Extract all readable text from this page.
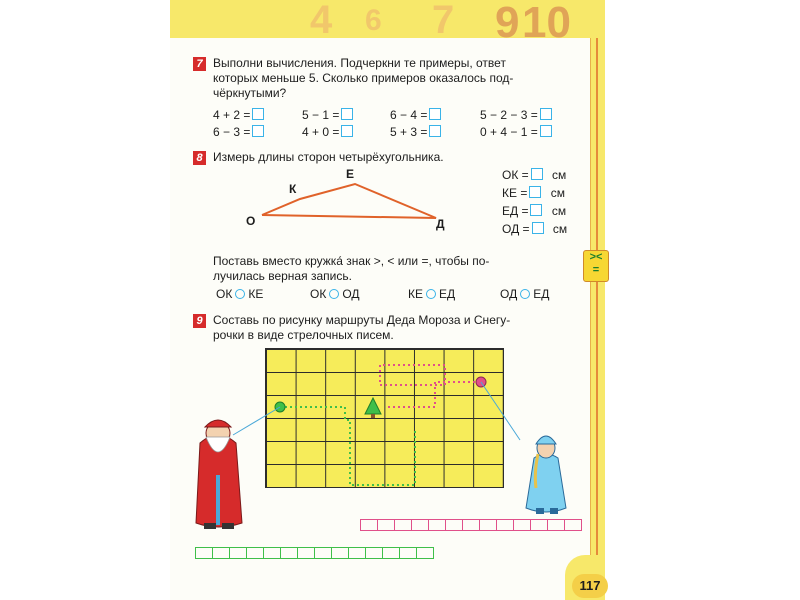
4 6 7 9 10
><
=
7 Выполни вычисления. Подчеркни те примеры, ответ
которых меньше 5. Сколько примеров оказалось под-
чёркнутыми?
4 + 2 =	5 − 1 =	6 − 4 =	5 − 2 − 3 =
6 − 3 =	4 + 0 =	5 + 3 =	0 + 4 − 1 =
8 Измерь длины сторон четырёхугольника.
О
К
Е
Д
ОК = см
КЕ = см
ЕД = см
ОД = см
Поставь вместо кружка́ знак >, < или =, чтобы по-
лучилась верная запись.
ОК КЕ	ОК ОД	КЕ ЕД	ОД ЕД
9 Составь по рисунку маршруты Деда Мороза и Снегу-
рочки в виде стрелочных писем.
117
